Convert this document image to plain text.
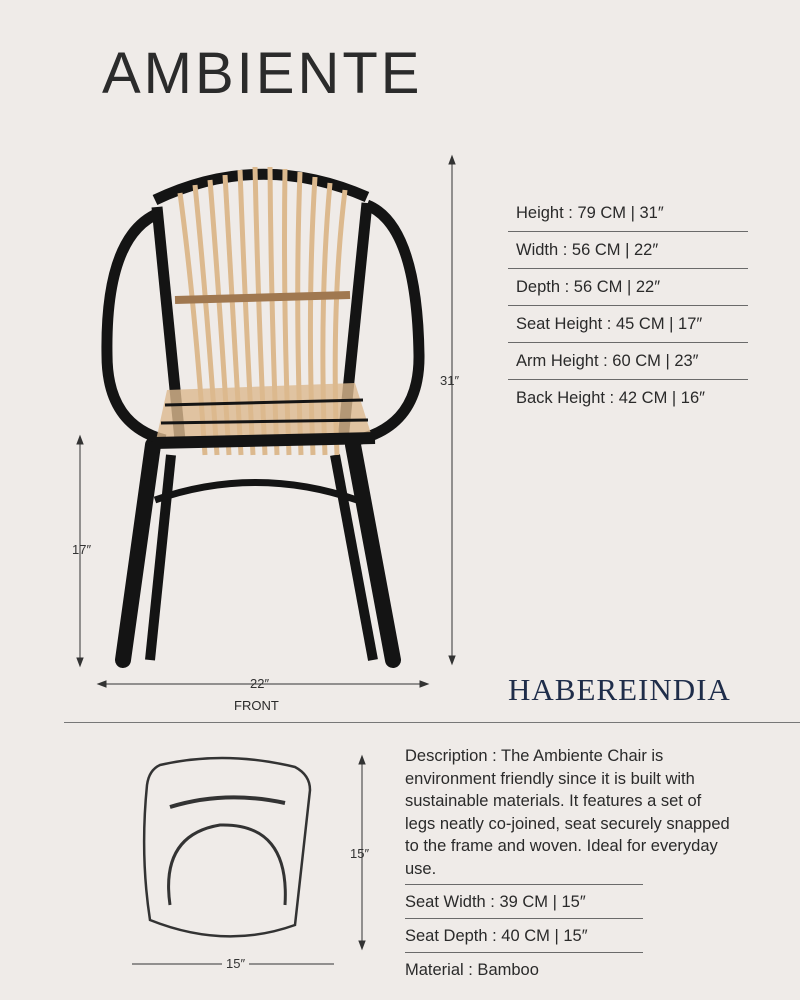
AMBIENTE
31″
17″
22″
FRONT
Height : 79 CM | 31″
Width : 56 CM | 22″
Depth : 56 CM | 22″
Seat Height : 45 CM | 17″
Arm Height : 60 CM | 23″
Back Height : 42 CM | 16″
HABEREINDIA
15″
15″
Description : The Ambiente Chair is environment friendly since it is built with sustainable materials. It features a set of legs neatly co-joined, seat securely snapped to the frame and woven. Ideal for everyday use.
Seat Width : 39 CM | 15″
Seat Depth : 40 CM | 15″
Material : Bamboo
